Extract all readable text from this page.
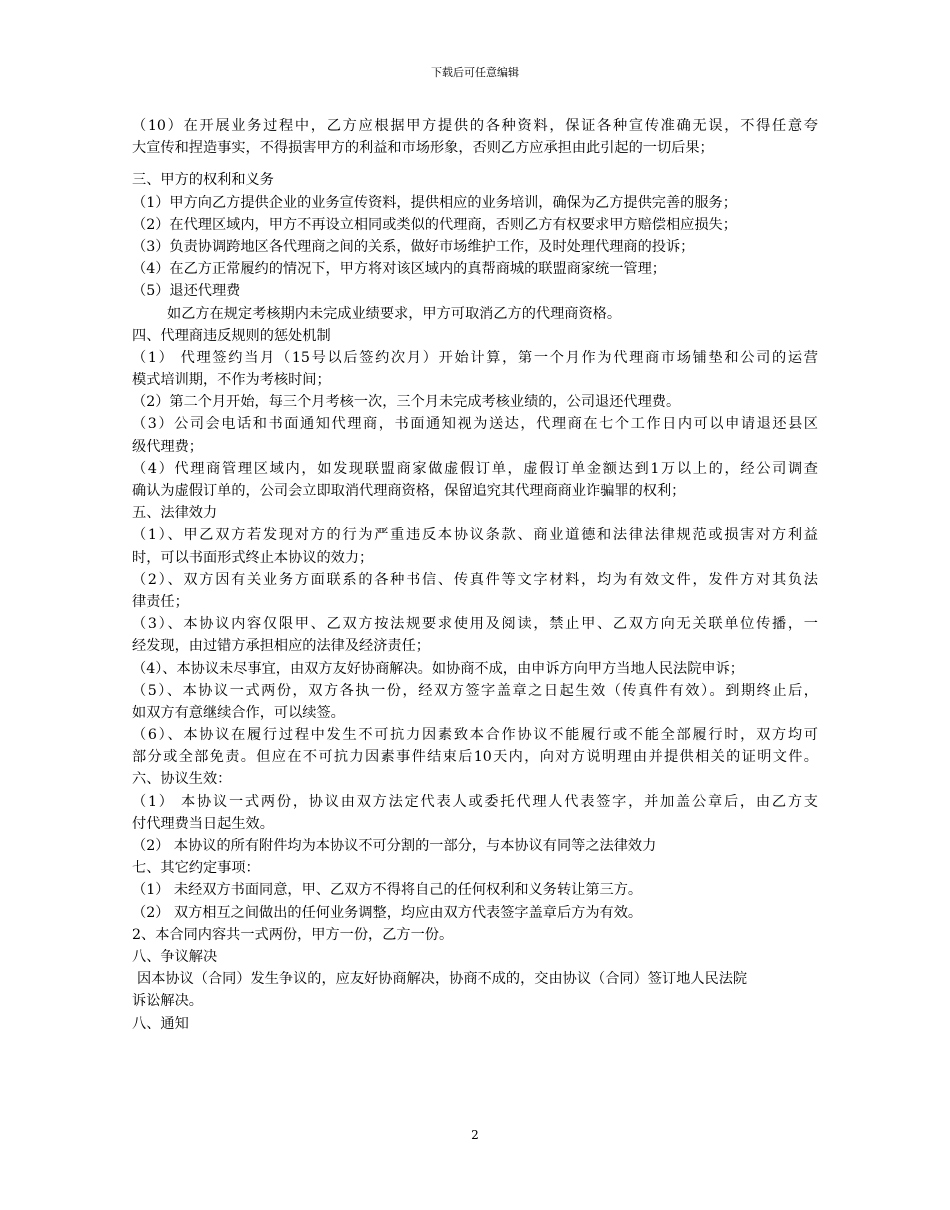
下载后可任意编辑
（10）在开展业务过程中，乙方应根据甲方提供的各种资料，保证各种宣传准确无误，不得任意夸
大宣传和捏造事实，不得损害甲方的利益和市场形象，否则乙方应承担由此引起的一切后果；
三、甲方的权利和义务
（1）甲方向乙方提供企业的业务宣传资料，提供相应的业务培训，确保为乙方提供完善的服务；
（2）在代理区域内，甲方不再设立相同或类似的代理商，否则乙方有权要求甲方赔偿相应损失；
（3）负责协调跨地区各代理商之间的关系，做好市场维护工作，及时处理代理商的投诉；
（4）在乙方正常履约的情况下，甲方将对该区域内的真帮商城的联盟商家统一管理；
（5）退还代理费
如乙方在规定考核期内未完成业绩要求，甲方可取消乙方的代理商资格。
四、代理商违反规则的惩处机制
（1） 代理签约当月（15号以后签约次月）开始计算，第一个月作为代理商市场铺垫和公司的运营
模式培训期，不作为考核时间；
（2）第二个月开始，每三个月考核一次，三个月未完成考核业绩的，公司退还代理费。
（3）公司会电话和书面通知代理商，书面通知视为送达，代理商在七个工作日内可以申请退还县区
级代理费；
（4）代理商管理区域内，如发现联盟商家做虚假订单，虚假订单金额达到1万以上的，经公司调查
确认为虚假订单的，公司会立即取消代理商资格，保留追究其代理商商业诈骗罪的权利；
五、法律效力
（1）、甲乙双方若发现对方的行为严重违反本协议条款、商业道德和法律法律规范或损害对方利益
时，可以书面形式终止本协议的效力；
（2）、双方因有关业务方面联系的各种书信、传真件等文字材料，均为有效文件，发件方对其负法
律责任；
（3）、本协议内容仅限甲、乙双方按法规要求使用及阅读，禁止甲、乙双方向无关联单位传播，一
经发现，由过错方承担相应的法律及经济责任；
（4）、本协议未尽事宜，由双方友好协商解决。如协商不成，由申诉方向甲方当地人民法院申诉；
（5）、本协议一式两份，双方各执一份，经双方签字盖章之日起生效（传真件有效）。到期终止后，
如双方有意继续合作，可以续签。
（6）、本协议在履行过程中发生不可抗力因素致本合作协议不能履行或不能全部履行时，双方均可
部分或全部免责。但应在不可抗力因素事件结束后10天内，向对方说明理由并提供相关的证明文件。
六、协议生效：
（1） 本协议一式两份，协议由双方法定代表人或委托代理人代表签字，并加盖公章后，由乙方支
付代理费当日起生效。
（2） 本协议的所有附件均为本协议不可分割的一部分，与本协议有同等之法律效力
七、其它约定事项：
（1） 未经双方书面同意，甲、乙双方不得将自己的任何权利和义务转让第三方。
（2） 双方相互之间做出的任何业务调整，均应由双方代表签字盖章后方为有效。
2、本合同内容共一式两份，甲方一份，乙方一份。
八、争议解决
因本协议（合同）发生争议的，应友好协商解决，协商不成的，交由协议（合同）签订地人民法院
诉讼解决。
八、通知
2
